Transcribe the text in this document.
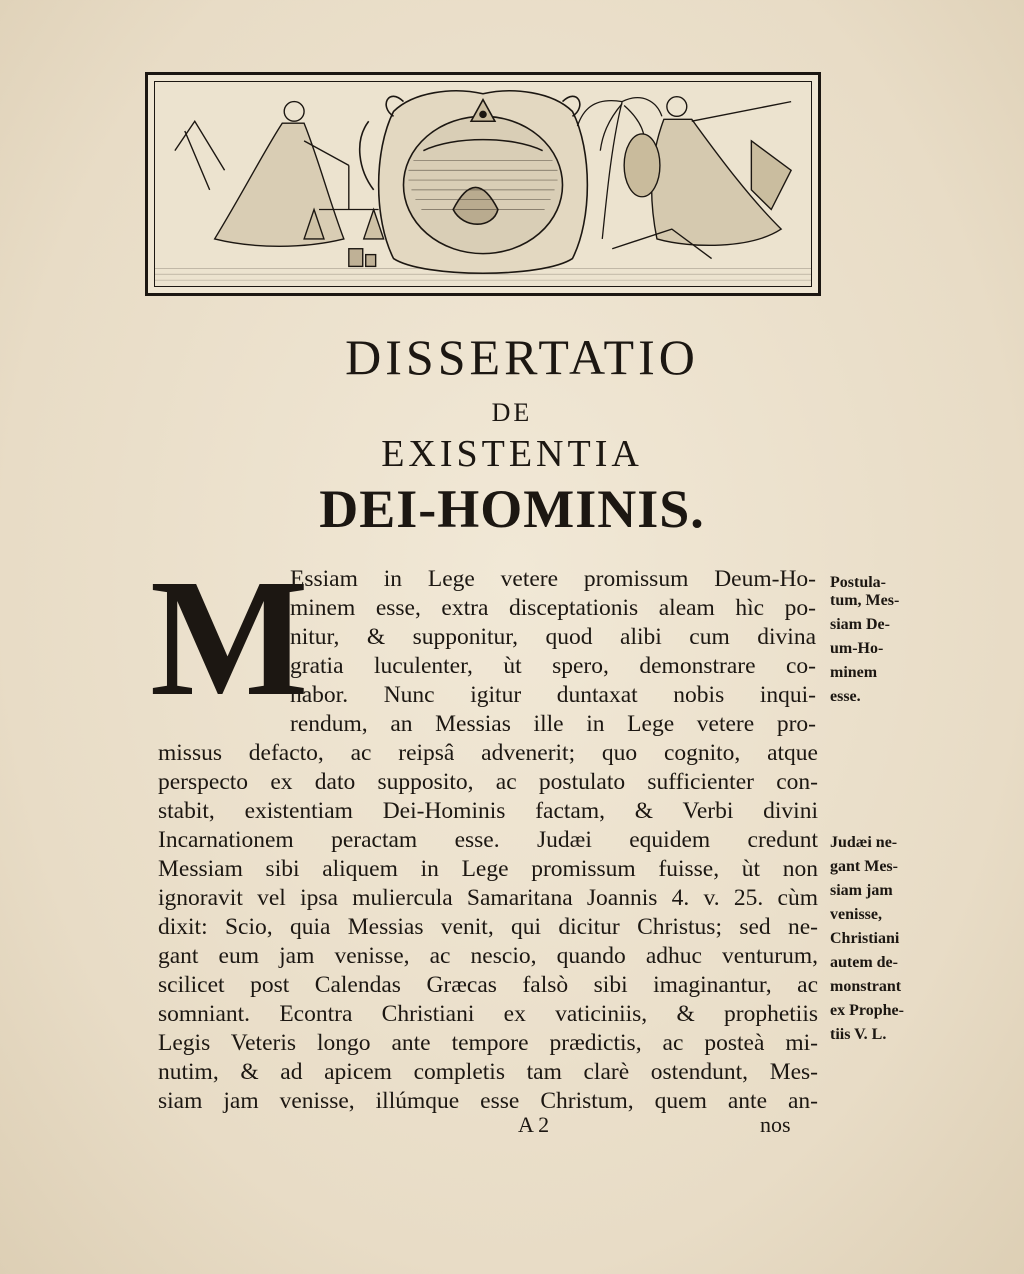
DISSERTATIO
DE
EXISTENTIA
DEI-HOMINIS.
M
Essiam in Lege vetere promissum Deum-Ho-
minem esse, extra disceptationis aleam hìc po-
nitur, & supponitur, quod alibi cum divina
gratia luculenter, ùt spero, demonstrare co-
nabor. Nunc igitur duntaxat nobis inqui-
rendum, an Messias ille in Lege vetere pro-
missus defacto, ac reipsâ advenerit; quo cognito, atque
perspecto ex dato supposito, ac postulato sufficienter con-
stabit, existentiam Dei-Hominis factam, & Verbi divini
Incarnationem peractam esse. Judæi equidem credunt
Messiam sibi aliquem in Lege promissum fuisse, ùt non
ignoravit vel ipsa muliercula Samaritana Joannis 4. v. 25. cùm
dixit: Scio, quia Messias venit, qui dicitur Christus; sed ne-
gant eum jam venisse, ac nescio, quando adhuc venturum,
scilicet post Calendas Græcas falsò sibi imaginantur, ac
somniant. Econtra Christiani ex vaticiniis, & prophetiis
Legis Veteris longo ante tempore prædictis, ac posteà mi-
nutim, & ad apicem completis tam clarè ostendunt, Mes-
siam jam venisse, illúmque esse Christum, quem ante an-
Postula-
tum, Mes-
siam De-
um-Ho-
minem
esse.
Judæi ne-
gant Mes-
siam jam
venisse,
Christiani
autem de-
monstrant
ex Prophe-
tiis V. L.
A 2	nos
